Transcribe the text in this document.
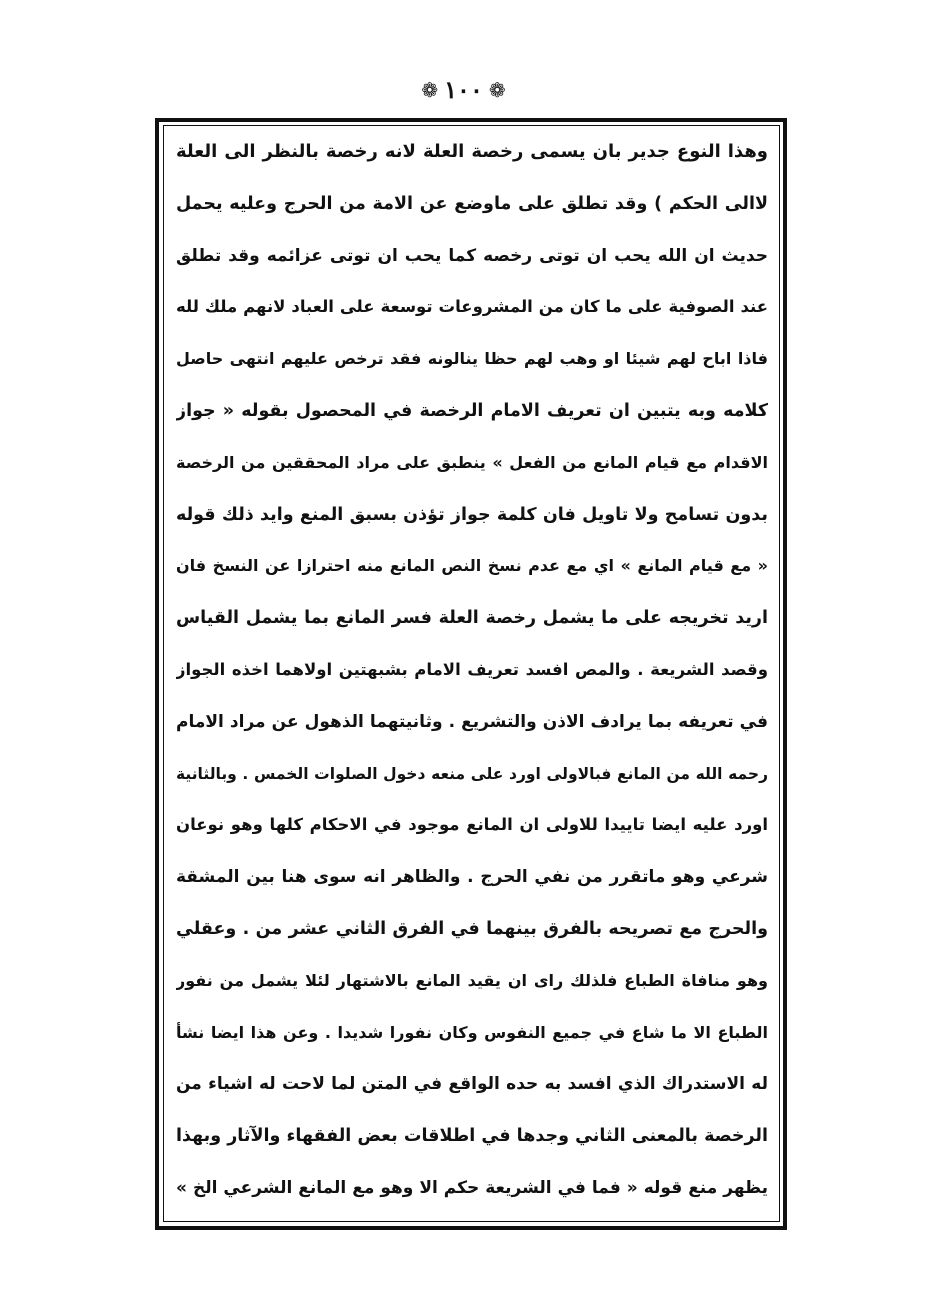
❁ ١٠٠ ❁
وهذا النوع جدير بان يسمى رخصة العلة لانه رخصة بالنظر الى العلة
لاالى الحكم ) وقد تطلق على ماوضع عن الامة من الحرج وعليه يحمل
حديث ان الله يحب ان توتى رخصه كما يحب ان توتى عزائمه وقد تطلق
عند الصوفية على ما كان من المشروعات توسعة على العباد لانهم ملك لله
فاذا اباح لهم شيئا او وهب لهم حظا ينالونه فقد ترخص عليهم انتهى حاصل
كلامه وبه يتبين ان تعريف الامام الرخصة في المحصول بقوله « جواز
الاقدام مع قيام المانع من الفعل » ينطبق على مراد المحققين من الرخصة
بدون تسامح ولا تاويل فان كلمة جواز تؤذن بسبق المنع وايد ذلك قوله
« مع قيام المانع » اي مع عدم نسخ النص المانع منه احترازا عن النسخ فان
اريد تخريجه على ما يشمل رخصة العلة فسر المانع بما يشمل القياس
وقصد الشريعة . والمص افسد تعريف الامام بشبهتين اولاهما اخذه الجواز
في تعريفه بما يرادف الاذن والتشريع . وثانيتهما الذهول عن مراد الامام
رحمه الله من المانع فبالاولى اورد على منعه دخول الصلوات الخمس . وبالثانية
اورد عليه ايضا تاييدا للاولى ان المانع موجود في الاحكام كلها وهو نوعان
شرعي وهو ماتقرر من نفي الحرج . والظاهر انه سوى هنا بين المشقة
والحرج مع تصريحه بالفرق بينهما في الفرق الثاني عشر من . وعقلي
وهو منافاة الطباع فلذلك راى ان يقيد المانع بالاشتهار لئلا يشمل من نفور
الطباع الا ما شاع في جميع النفوس وكان نفورا شديدا . وعن هذا ايضا نشأ
له الاستدراك الذي افسد به حده الواقع في المتن لما لاحت له اشياء من
الرخصة بالمعنى الثاني وجدها في اطلاقات بعض الفقهاء والآثار وبهذا
يظهر منع قوله « فما في الشريعة حكم الا وهو مع المانع الشرعي الخ »
